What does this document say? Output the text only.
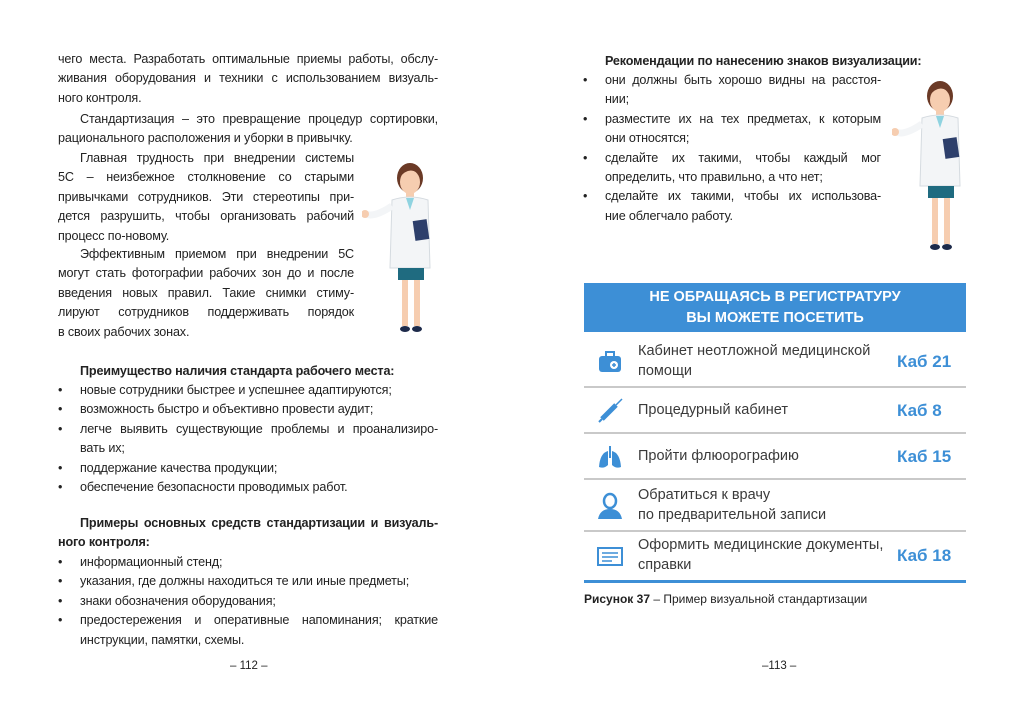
чего места. Разработать оптимальные приемы работы, обслу-
живания оборудования и техники с использованием визуаль-
ного контроля.
Стандартизация – это превращение процедур сортировки,
рационального расположения и уборки в привычку.
Главная трудность при внедрении системы
5С – неизбежное столкновение со старыми
привычками сотрудников. Эти стереотипы при-
дется разрушить, чтобы организовать рабочий
процесс по-новому.
Эффективным приемом при внедрении 5С
могут стать фотографии рабочих зон до и после
введения новых правил. Такие снимки стиму-
лируют сотрудников поддерживать порядок
в своих рабочих зонах.
Преимущество наличия стандарта рабочего места:
• новые сотрудники быстрее и успешнее адаптируются;
• возможность быстро и объективно провести аудит;
• легче выявить существующие проблемы и проанализиро-
вать их;
• поддержание качества продукции;
• обеспечение безопасности проводимых работ.
Примеры основных средств стандартизации и визуаль-
ного контроля:
• информационный стенд;
• указания, где должны находиться те или иные предметы;
• знаки обозначения оборудования;
• предостережения и оперативные напоминания; краткие
инструкции, памятки, схемы.
– 112 –
Рекомендации по нанесению знаков визуализации:
• они должны быть хорошо видны на расстоя-
нии;
• разместите их на тех предметах, к которым
они относятся;
• сделайте их такими, чтобы каждый мог
определить, что правильно, а что нет;
• сделайте их такими, чтобы их использова-
ние облегчало работу.
НЕ ОБРАЩАЯСЬ В РЕГИСТРАТУРУ
ВЫ МОЖЕТЕ ПОСЕТИТЬ
Кабинет неотложной медицинской
помощи	Каб 21
Процедурный кабинет	Каб 8
Пройти флюорографию	Каб 15
Обратиться к врачу
по предварительной записи
Оформить медицинские документы,
справки	Каб 18
Рисунок 37 – Пример визуальной стандартизации
–113 –
